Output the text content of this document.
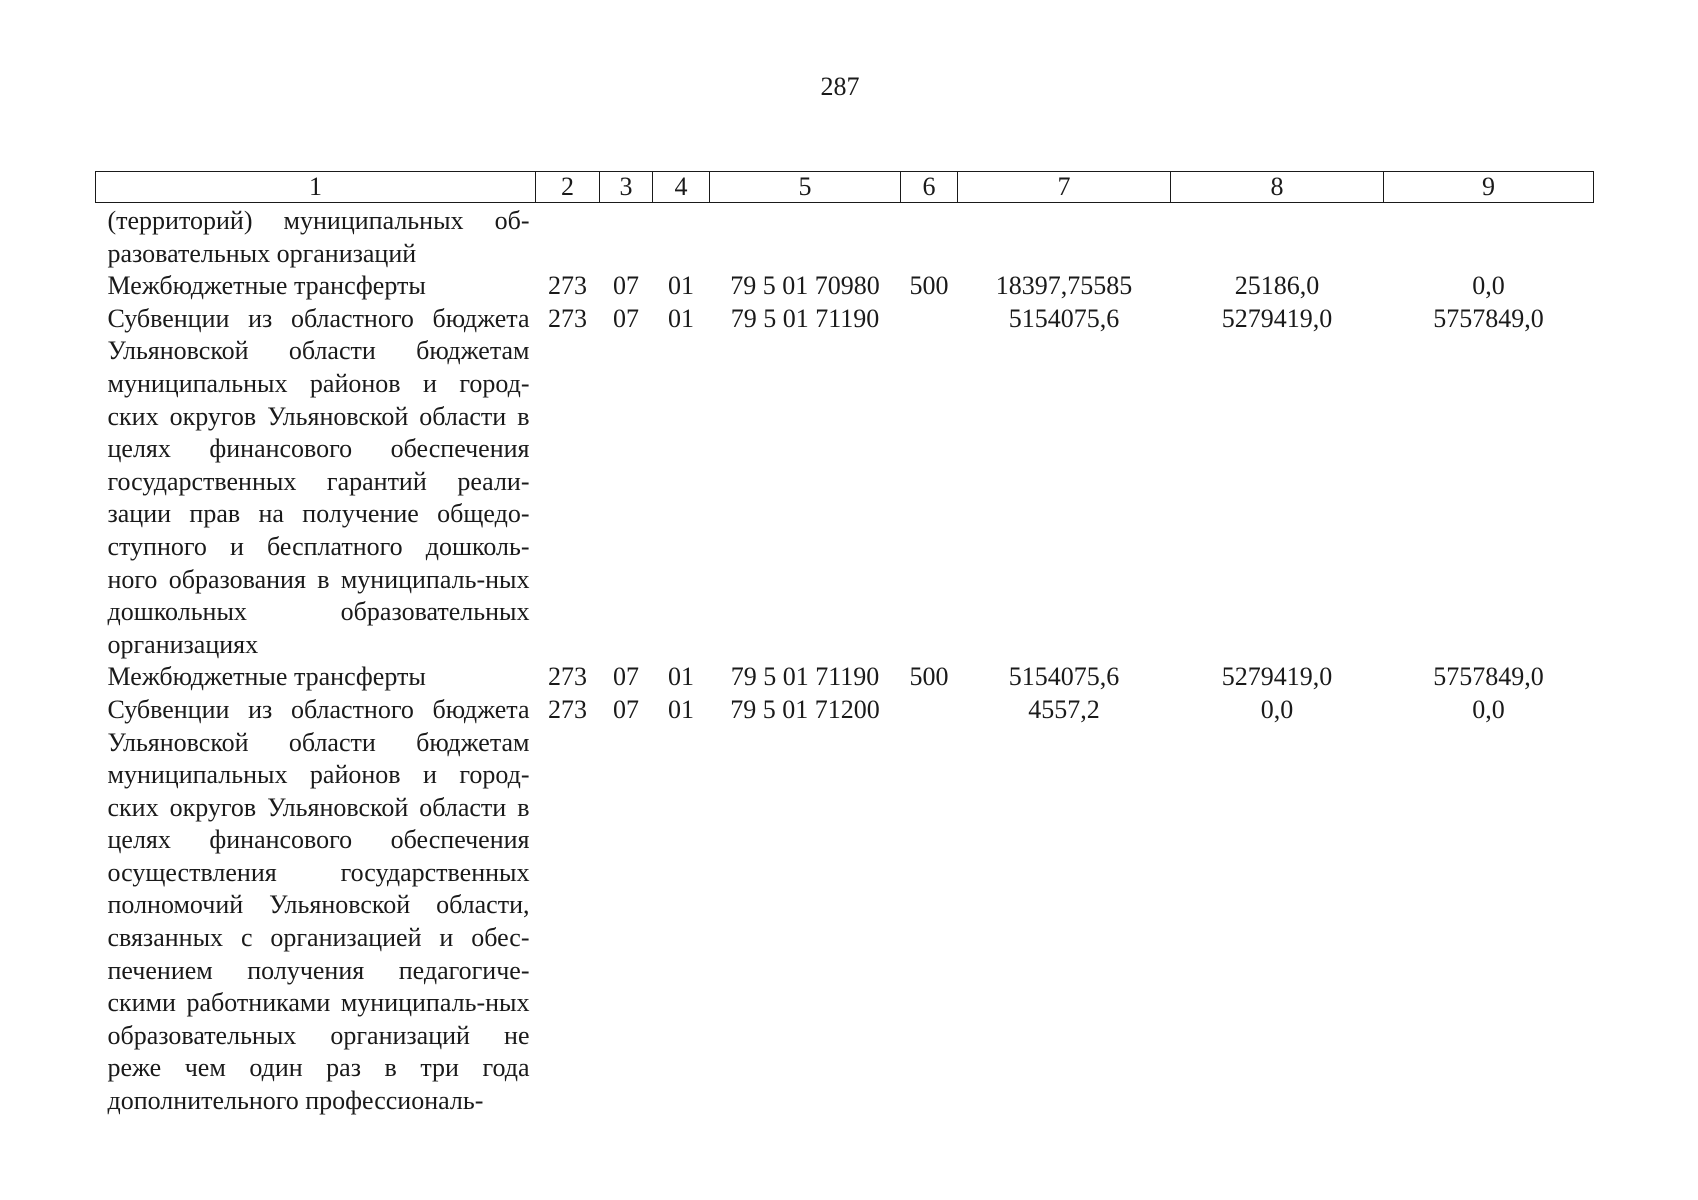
287
1	2	3	4	5	6	7	8	9
(территорий) муниципальных об-разовательных организаций								
Межбюджетные трансферты	273	07	01	79 5 01 70980	500	18397,75585	25186,0	0,0
Субвенции из областного бюджета Ульяновской области бюджетам муниципальных районов и город-ских округов Ульяновской области в целях финансового обеспечения государственных гарантий реали-зации прав на получение общедо-ступного и бесплатного дошколь-ного образования в муниципаль-ных дошкольных образовательных организациях	273	07	01	79 5 01 71190		5154075,6	5279419,0	5757849,0
Межбюджетные трансферты	273	07	01	79 5 01 71190	500	5154075,6	5279419,0	5757849,0
Субвенции из областного бюджета Ульяновской области бюджетам муниципальных районов и город-ских округов Ульяновской области в целях финансового обеспечения осуществления государственных полномочий Ульяновской области, связанных с организацией и обес-печением получения педагогиче-скими работниками муниципаль-ных образовательных организаций не реже чем один раз в три года дополнительного профессиональ-	273	07	01	79 5 01 71200		4557,2	0,0	0,0
